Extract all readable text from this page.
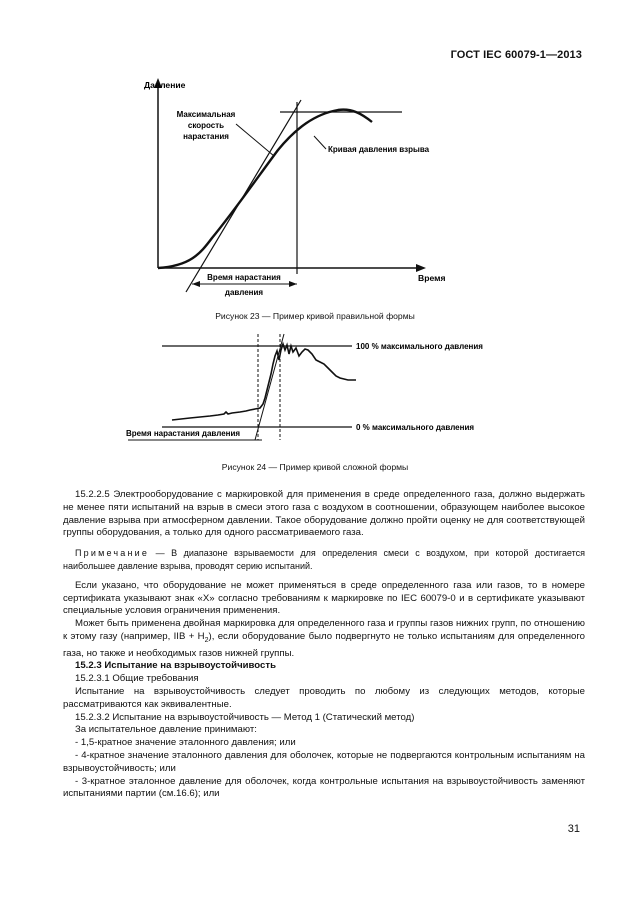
ГОСТ IEC 60079-1—2013
Давление
Время
Максимальная
скорость
нарастания
Кривая давления взрыва
Время нарастания
давления
Рисунок 23 — Пример кривой правильной формы
100 % максимального давления
0 % максимального давления
Время нарастания давления
Рисунок 24 — Пример кривой сложной формы

15.2.2.5 Электрооборудование с маркировкой для применения в среде определенного газа, должно выдержать не менее пяти испытаний на взрыв в смеси этого газа с воздухом в соотношении, образующем наиболее высокое давление взрыва при атмосферном давлении. Такое оборудование должно пройти оценку не для соответствующей группы оборудования, а только для одного рассматриваемого газа.

Примечание — В диапазоне взрываемости для определения смеси с воздухом, при которой достигается наибольшее давление взрыва, проводят серию испытаний.

Если указано, что оборудование не может применяться в среде определенного газа или газов, то в номере сертификата указывают знак «X» согласно требованиям к маркировке по IEC 60079-0 и в сертификате указывают специальные условия ограничения применения.

Может быть применена двойная маркировка для определенного газа и группы газов нижних групп, по отношению к этому газу (например, IIB + $H_2$), если оборудование было подвергнуто не только испытаниям для определенного газа, но также и необходимых газов нижней группы.

15.2.3 Испытание на взрывоустойчивость

15.2.3.1 Общие требования

Испытание на взрывоустойчивость следует проводить по любому из следующих методов, которые рассматриваются как эквивалентные.

15.2.3.2 Испытание на взрывоустойчивость — Метод 1 (Статический метод)

За испытательное давление принимают:

- 1,5-кратное значение эталонного давления; или

- 4-кратное значение эталонного давления для оболочек, которые не подвергаются контрольным испытаниям на взрывоустойчивость; или

- 3-кратное эталонное давление для оболочек, когда контрольные испытания на взрывоустойчивость заменяют испытаниями партии (см.16.6); или

31
